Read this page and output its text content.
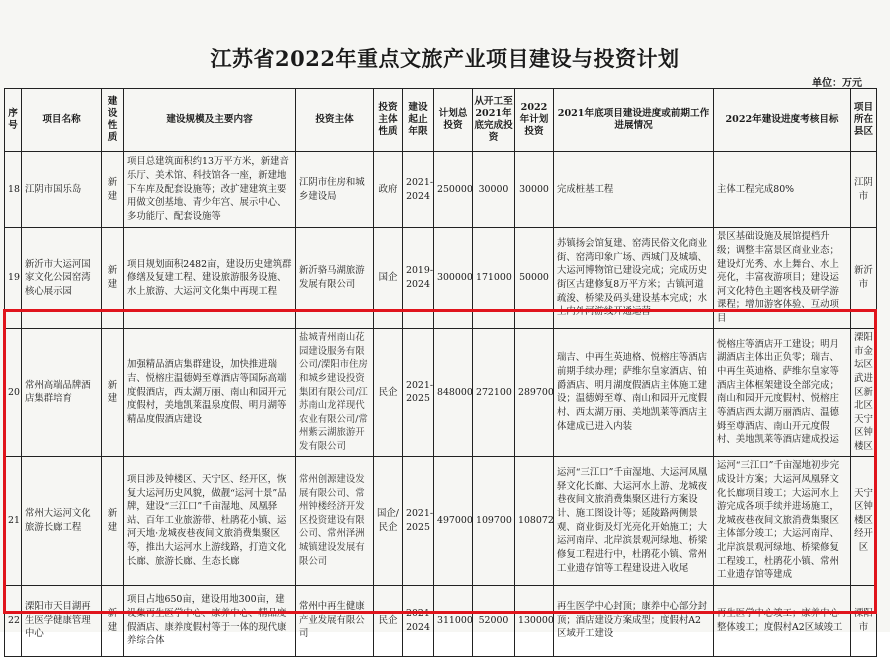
江苏省2022年重点文旅产业项目建设与投资计划
单位：万元
序号	项目名称	建设性质	建设规模及主要内容	投资主体	投资主体性质	建设起止年限	计划总投资	从开工至2021年底完成投资	2022年计划投资	2021年底项目建设进度或前期工作进展情况	2022年建设进度考核目标	项目所在县区
18	江阴市国乐岛	新建	项目总建筑面积约13万平方米，新建音乐厅、美术馆、科技馆各一座，新建地下车库及配套设施等；改扩建建筑主要用做文创基地、青少年宫、展示中心、多功能厅、配套设施等	江阴市住房和城乡建设局	政府	2021-2024	250000	30000	30000	完成桩基工程	主体工程完成80%	江阴市
19	新沂市大运河国家文化公园窑湾核心展示园	新建	项目规划面积2482亩，建设历史建筑群修缮及复建工程、建设旅游服务设施、水上旅游、大运河文化集中再现工程	新沂骆马湖旅游发展有限公司	国企	2019-2024	300000	171000	50000	苏镇扬会馆复建、窑湾民俗文化商业街、窑湾印象广场、西城门及城墙、大运河博物馆已建设完成；完成历史街区古建修复8万平方米；古镇河道疏浚、桥梁及码头建设基本完成；水上内外河游线开通运营	景区基础设施及展馆提档升级；调整丰富景区商业业态；建设灯光秀、水上舞台、水上亮化，丰富夜游项目；建设运河文化特色主题客栈及研学游课程；增加游客体验、互动项目	新沂市
20	常州高端品牌酒店集群培育	新建	加强精品酒店集群建设，加快推进瑞吉、悦榕庄温德姆至尊酒店等国际高端度假酒店，西太湖万丽、南山和园开元度假村，美地凯莱温泉度假、明月湖等精品度假酒店建设	盐城青州南山花园建设服务有限公司/溧阳市住房和城乡建设投资集团有限公司/江苏南山龙祥现代农业有限公司/常州紫云湖旅游开发有限公司	民企	2021-2025	848000	272100	289700	瑞吉、中再生英迪格、悦榕庄等酒店前期手续办理；萨维尔皇家酒店、铂爵酒店、明月湖度假酒店主体施工建设；温德姆至尊、南山和园开元度假村、西太湖万丽、美地凯莱等酒店主体建成已进入内装	悦榕庄等酒店开工建设；明月湖酒店主体出正负零；瑞吉、中再生英迪格、萨维尔皇家等酒店主体框架建设全部完成；南山和园开元度假村、悦榕庄等酒店西太湖万丽酒店、温德姆至尊酒店、南山开元度假村、美地凯莱等酒店建成投运	溧阳市金坛区武进区新北区天宁区钟楼区
21	常州大运河文化旅游长廊工程	新建	项目涉及钟楼区、天宁区、经开区，恢复大运河历史风貌，做靓“运河十景”品牌，建设“三江口”千亩湿地、凤凰驿站、百年工业旅游带、杜鹃花小镇、运河天地·龙城夜巷夜间文旅消费集聚区等，推出大运河水上游线路，打造文化长廊、旅游长廊、生态长廊	常州创源建设发展有限公司、常州钟楼经济开发区投资建设有限公司、常州泽洲城镇建设发展有限公司	国企/民企	2021-2025	497000	109700	108072	运河“三江口”千亩湿地、大运河凤凰驿文化长廊、大运河水上游、龙城夜巷夜间文旅消费集聚区进行方案设计、施工图设计等；延陵路两侧景观、商业街及灯光亮化开始施工；大运河南岸、北岸滨景观河绿地、桥梁修复工程进行中，杜鹃花小镇、常州工业遗存馆等工程建设进入收尾	运河“三江口”千亩湿地初步完成设计方案；大运河凤凰驿文化长廊项目竣工；大运河水上游完成各项手续并进场施工，龙城夜巷夜间文旅消费集聚区主体部分竣工；大运河南岸、北岸滨景观河绿地、桥梁修复工程竣工，杜鹃花小镇、常州工业遗存馆等建成	天宁区钟楼区经开区
22	溧阳市天目湖再生医学健康管理中心	新建	项目占地650亩，建设用地300亩，建设集再生医学中心、康养中心、精品度假酒店、康养度假村等于一体的现代康养综合体	常州中再生健康产业发展有限公司	民企	2021-2024	311000	52000	130000	再生医学中心封顶；康养中心部分封顶；酒店建设方案成型；度假村A2区域开工建设	再生医学中心竣工；康养中心整体竣工；度假村A2区域竣工	溧阳市
